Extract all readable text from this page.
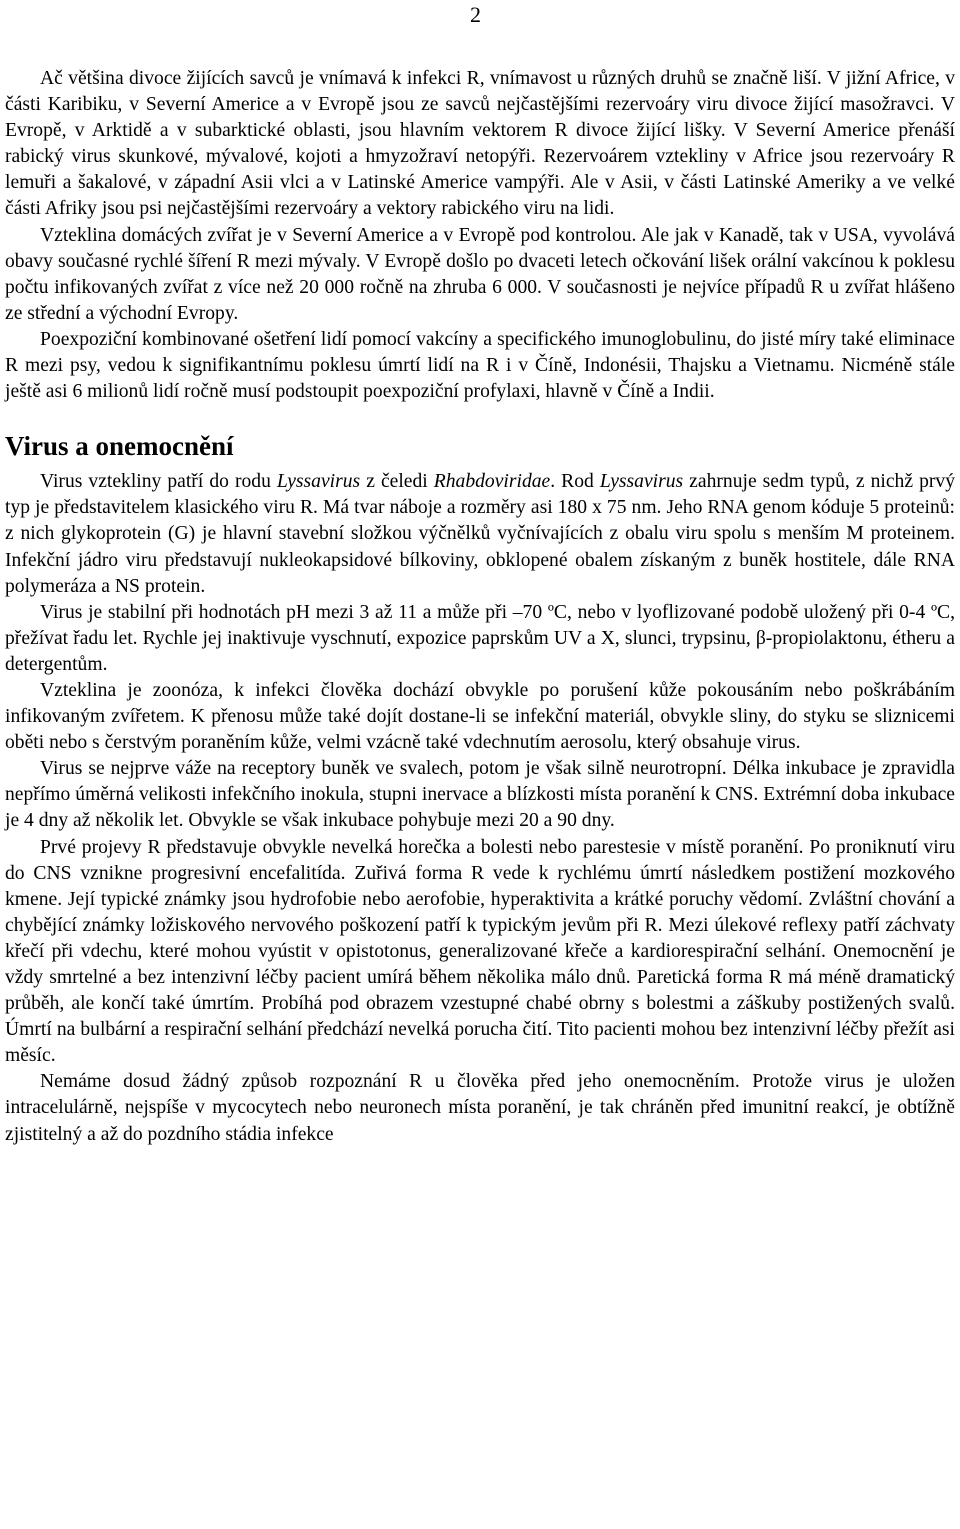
2

Ač většina divoce žijících savců je vnímavá k infekci R, vnímavost u různých druhů se značně liší. V jižní Africe, v části Karibiku, v Severní Americe a v Evropě jsou ze savců nejčastějšími rezervoáry viru divoce žijící masožravci. V Evropě, v Arktidě a v subarktické oblasti, jsou hlavním vektorem R divoce žijící lišky. V Severní Americe přenáší rabický virus skunkové, mývalové, kojoti a hmyzožraví netopýři. Rezervoárem vztekliny v Africe jsou rezervoáry R lemuři a šakalové, v západní Asii vlci a v Latinské Americe vampýři. Ale v Asii, v části Latinské Ameriky a ve velké části Afriky jsou psi nejčastějšími rezervoáry a vektory rabického viru na lidi.

Vzteklina domácých zvířat je v Severní Americe a v Evropě pod kontrolou. Ale jak v Kanadě, tak v USA, vyvolává obavy současné rychlé šíření R mezi mývaly. V Evropě došlo po dvaceti letech očkování lišek orální vakcínou k poklesu počtu infikovaných zvířat z více než 20 000 ročně na zhruba 6 000. V současnosti je nejvíce případů R u zvířat hlášeno ze střední a východní Evropy.

Poexpoziční kombinované ošetření lidí pomocí vakcíny a specifického imunoglobulinu, do jisté míry také eliminace R mezi psy, vedou k signifikantnímu poklesu úmrtí lidí na R i v Číně, Indonésii, Thajsku a Vietnamu. Nicméně stále ještě asi 6 milionů lidí ročně musí podstoupit poexpoziční profylaxi, hlavně v Číně a Indii.

Virus a onemocnění

Virus vztekliny patří do rodu Lyssavirus z čeledi Rhabdoviridae. Rod Lyssavirus zahrnuje sedm typů, z nichž prvý typ je představitelem klasického viru R. Má tvar náboje a rozměry asi 180 x 75 nm. Jeho RNA genom kóduje 5 proteinů: z nich glykoprotein (G) je hlavní stavební složkou výčnělků vyčnívajících z obalu viru spolu s menším M proteinem. Infekční jádro viru představují nukleokapsidové bílkoviny, obklopené obalem získaným z buněk hostitele, dále RNA polymeráza a NS protein.

Virus je stabilní při hodnotách pH mezi 3 až 11 a může při –70 ºC, nebo v lyoflizované podobě uložený při 0-4 ºC, přežívat řadu let. Rychle jej inaktivuje vyschnutí, expozice paprskům UV a X, slunci, trypsinu, β-propiolaktonu, étheru a detergentům.

Vzteklina je zoonóza, k infekci člověka dochází obvykle po porušení kůže pokousáním nebo poškrábáním infikovaným zvířetem. K přenosu může také dojít dostane-li se infekční materiál, obvykle sliny, do styku se sliznicemi oběti nebo s čerstvým poraněním kůže, velmi vzácně také vdechnutím aerosolu, který obsahuje virus.

Virus se nejprve váže na receptory buněk ve svalech, potom je však silně neurotropní. Délka inkubace je zpravidla nepřímo úměrná velikosti infekčního inokula, stupni inervace a blízkosti místa poranění k CNS. Extrémní doba inkubace je 4 dny až několik let. Obvykle se však inkubace pohybuje mezi 20 a 90 dny.

Prvé projevy R představuje obvykle nevelká horečka a bolesti nebo parestesie v místě poranění. Po proniknutí viru do CNS vznikne progresivní encefalitída. Zuřivá forma R vede k rychlému úmrtí následkem postižení mozkového kmene. Její typické známky jsou hydrofobie nebo aerofobie, hyperaktivita a krátké poruchy vědomí. Zvláštní chování a chybějící známky ložiskového nervového poškození patří k typickým jevům při R. Mezi úlekové reflexy patří záchvaty křečí při vdechu, které mohou vyústit v opistotonus, generalizované křeče a kardiorespirační selhání. Onemocnění je vždy smrtelné a bez intenzivní léčby pacient umírá během několika málo dnů. Paretická forma R má méně dramatický průběh, ale končí také úmrtím. Probíhá pod obrazem vzestupné chabé obrny s bolestmi a záškuby postižených svalů. Úmrtí na bulbární a respirační selhání předchází nevelká porucha čití. Tito pacienti mohou bez intenzivní léčby přežít asi měsíc.

Nemáme dosud žádný způsob rozpoznání R u člověka před jeho onemocněním. Protože virus je uložen intracelulárně, nejspíše v mycocytech nebo neuronech místa poranění, je tak chráněn před imunitní reakcí, je obtížně zjistitelný a až do pozdního stádia infekce
